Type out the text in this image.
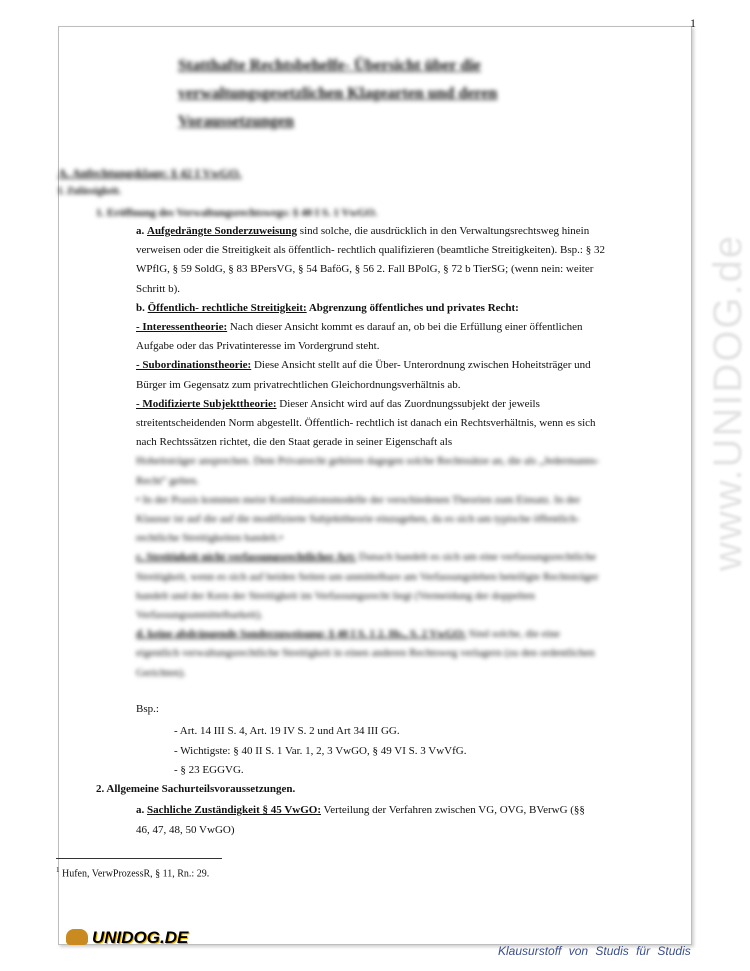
www.UNIDOG.de
1
Statthafte Rechtsbehelfe- Übersicht über die verwaltungsgesetzlichen Klagearten und deren Voraussetzungen
A. Anfechtungsklage: § 42 I VwGO.
I. Zulässigkeit.
1. Eröffnung des Verwaltungsrechtswegs: § 40 I S. 1 VwGO.

a. Aufgedrängte Sonderzuweisung sind solche, die ausdrücklich in den Verwaltungsrechtsweg hinein verweisen oder die Streitigkeit als öffentlich- rechtlich qualifizieren (beamtliche Streitigkeiten). Bsp.: § 32 WPflG, § 59 SoldG, § 83 BPersVG, § 54 BaföG, § 56 2. Fall BPolG, § 72 b TierSG; (wenn nein: weiter Schritt b).

b. Öffentlich- rechtliche Streitigkeit: Abgrenzung öffentliches und privates Recht:

- Interessentheorie: Nach dieser Ansicht kommt es darauf an, ob bei die Erfüllung einer öffentlichen Aufgabe oder das Privatinteresse im Vordergrund steht.

- Subordinationstheorie: Diese Ansicht stellt auf die Über- Unterordnung zwischen Hoheitsträger und Bürger im Gegensatz zum privatrechtlichen Gleichordnungsverhältnis ab.

- Modifizierte Subjekttheorie: Dieser Ansicht wird auf das Zuordnungssubjekt der jeweils streitentscheidenden Norm abgestellt. Öffentlich- rechtlich ist danach ein Rechtsverhältnis, wenn es sich nach Rechtssätzen richtet, die den Staat gerade in seiner Eigenschaft als

Hoheitsträger ansprechen. Dem Privatrecht gehören dagegen solche Rechtssätze an, die als „Jedermanns- Recht“ gelten.

• In der Praxis kommen meist Kombinationsmodelle der verschiedenen Theorien zum Einsatz. In der Klausur ist auf die auf die modifizierte Subjekttheorie einzugehen, da es sich um typische öffentlich- rechtliche Streitigkeiten handelt.•

c. Streitigkeit nicht verfassungsrechtlicher Art: Danach handelt es sich um eine verfassungsrechtliche Streitigkeit, wenn es sich auf beiden Seiten um unmittelbare am Verfassungsleben beteiligte Rechtsträger handelt und der Kern der Streitigkeit im Verfassungsrecht liegt (Vermeidung der doppelten Verfassungsunmittelbarkeit).

d. keine abdrängende Sonderzuweisung: § 40 I S. 1 2. Hs., S. 2 VwGO: Sind solche, die eine eigentlich verwaltungsrechtliche Streitigkeit in einen anderen Rechtsweg verlagern (zu den ordentlichen Gerichten).

Bsp.:
- Art. 14 III S. 4, Art. 19 IV S. 2 und Art 34 III GG.
- Wichtigste: § 40 II S. 1 Var. 1, 2, 3 VwGO, § 49 VI S. 3 VwVfG.
- § 23 EGGVG.
2. Allgemeine Sachurteilsvoraussetzungen.
a. Sachliche Zuständigkeit § 45 VwGO: Verteilung der Verfahren zwischen VG, OVG, BVerwG (§§ 46, 47, 48, 50 VwGO)
$^1$ Hufen, VerwProzessR, § 11, Rn.: 29.
UNIDOG.DE
Klausurstoff von Studis für Studis
